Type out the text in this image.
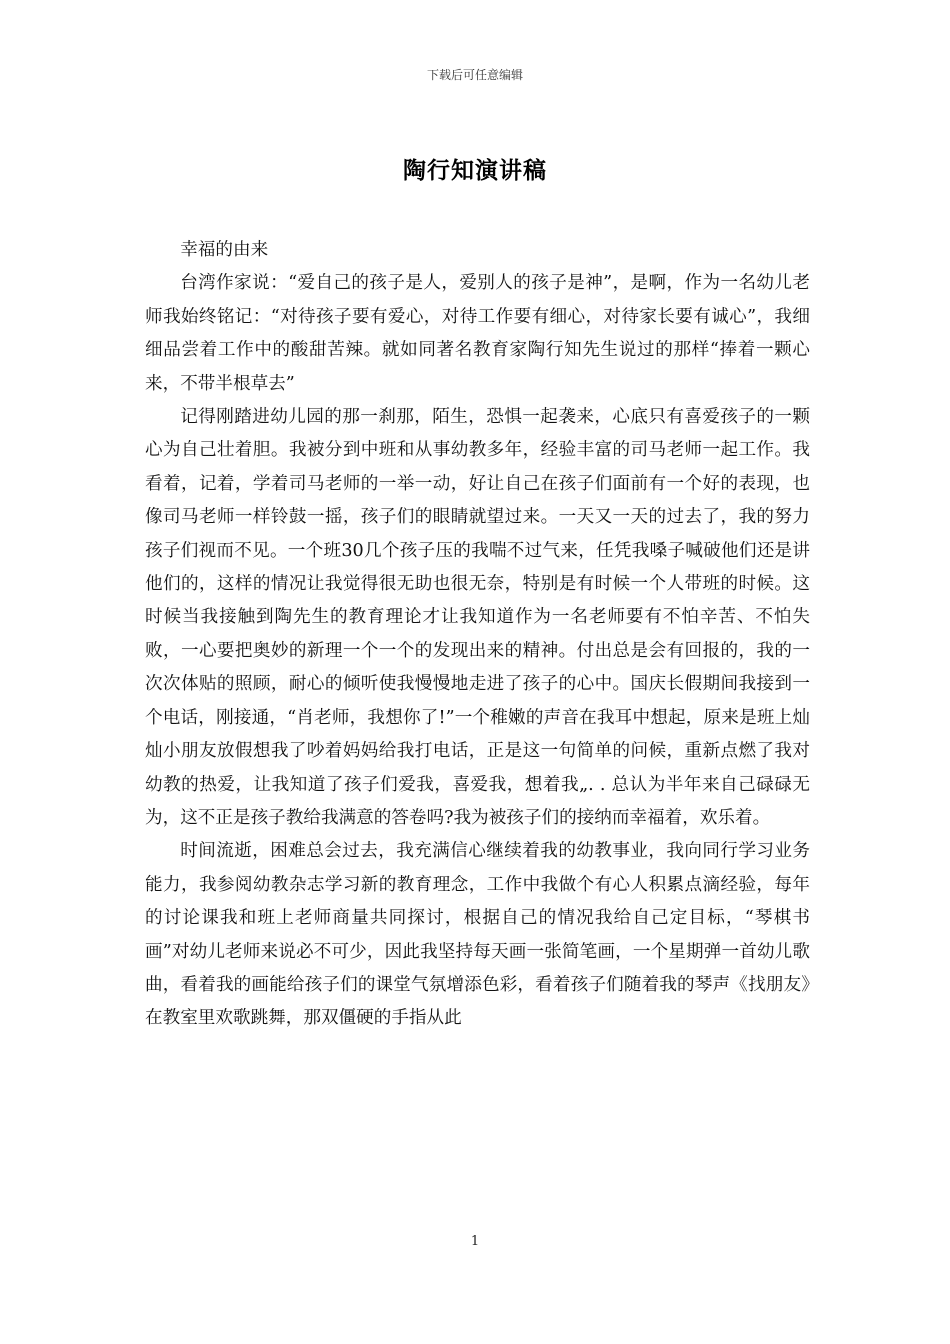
下载后可任意编辑
陶行知演讲稿

幸福的由来

台湾作家说：“爱自己的孩子是人，爱别人的孩子是神”，是啊，作为一名幼儿老师我始终铭记：“对待孩子要有爱心，对待工作要有细心，对待家长要有诚心”，我细细品尝着工作中的酸甜苦辣。就如同著名教育家陶行知先生说过的那样“捧着一颗心来，不带半根草去”

记得刚踏进幼儿园的那一刹那，陌生，恐惧一起袭来，心底只有喜爱孩子的一颗心为自己壮着胆。我被分到中班和从事幼教多年，经验丰富的司马老师一起工作。我看着，记着，学着司马老师的一举一动，好让自己在孩子们面前有一个好的表现，也像司马老师一样铃鼓一摇，孩子们的眼睛就望过来。一天又一天的过去了，我的努力孩子们视而不见。一个班30几个孩子压的我喘不过气来，任凭我嗓子喊破他们还是讲他们的，这样的情况让我觉得很无助也很无奈，特别是有时候一个人带班的时候。这时候当我接触到陶先生的教育理论才让我知道作为一名老师要有不怕辛苦、不怕失败，一心要把奥妙的新理一个一个的发现出来的精神。付出总是会有回报的，我的一次次体贴的照顾，耐心的倾听使我慢慢地走进了孩子的心中。国庆长假期间我接到一个电话，刚接通，“肖老师，我想你了!”一个稚嫩的声音在我耳中想起，原来是班上灿灿小朋友放假想我了吵着妈妈给我打电话，正是这一句简单的问候，重新点燃了我对幼教的热爱，让我知道了孩子们爱我，喜爱我，想着我„. . 总认为半年来自己碌碌无为，这不正是孩子教给我满意的答卷吗?我为被孩子们的接纳而幸福着，欢乐着。

时间流逝，困难总会过去，我充满信心继续着我的幼教事业，我向同行学习业务能力，我参阅幼教杂志学习新的教育理念，工作中我做个有心人积累点滴经验，每年的讨论课我和班上老师商量共同探讨，根据自己的情况我给自己定目标，“琴棋书画”对幼儿老师来说必不可少，因此我坚持每天画一张简笔画，一个星期弹一首幼儿歌曲，看着我的画能给孩子们的课堂气氛增添色彩，看着孩子们随着我的琴声《找朋友》在教室里欢歌跳舞，那双僵硬的手指从此

1
